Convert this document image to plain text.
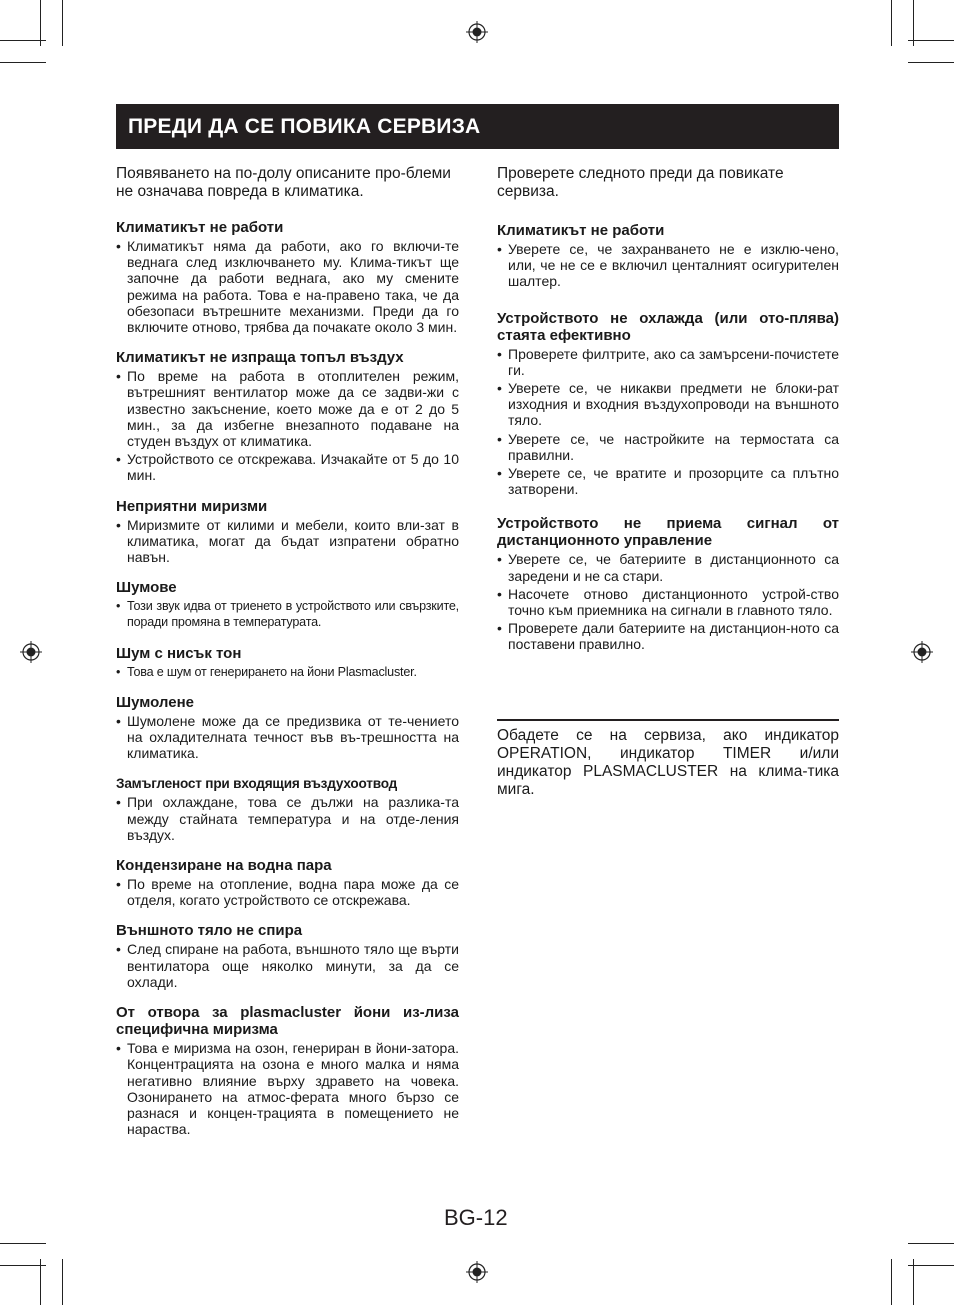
ПРЕДИ ДА СЕ ПОВИКА СЕРВИЗА

Появяването на по-долу описаните про-блеми не означава повреда в климатика.

Климатикът не работи
• Климатикът няма да работи, ако го включи-те веднага след изключването му. Клима-тикът ще започне да работи веднага, ако му смените режима на работа. Това е на-правено така, че да обезопаси вътрешните механизми. Преди да го включите отново, трябва да почакате около 3 мин.
Климатикът не изпраща топъл въздух
• По време на работа в отоплителен режим, вътрешният вентилатор може да се задви-жи с известно закъснение, което може да е от 2 до 5 мин., за да избегне внезапното подаване на студен въздух от климатика.
• Устройството се отскрежава. Изчакайте от 5 до 10 мин.
Неприятни миризми
• Миризмите от килими и мебели, които вли-зат в климатика, могат да бъдат изпратени обратно навън.
Шумове
• Този звук идва от триенето в устройството или свързките, поради промяна в температурата.
Шум с нисък тон
• Това е шум от генерирането на йони Plasmacluster.
Шумолене
• Шумолене може да се предизвика от те-чението на охладителната течност във въ-трешността на климатика.
Замъгленост при входящия въздухоотвод
• При охлаждане, това се дължи на разлика-та между стайната температура и на отде-ления въздух.
Кондензиране на водна пара
• По време на отопление, водна пара може да се отделя, когато устройството се отскрежава.
Външното тяло не спира
• След спиране на работа, външното тяло ще върти вентилатора още няколко минути, за да се охлади.
От отвора за plasmacluster йони из-лиза специфична миризма
• Това е миризма на озон, генериран в йони-затора. Концентрацията на озона е много малка и няма негативно влияние върху здравето на човека. Озонирането на атмос-ферата много бързо се разнася и концен-трацията в помещението не нараства.

Проверете следното преди да повикате сервиза.

Климатикът не работи
• Уверете се, че захранването не е изклю-чено, или, че не се е включил центалният осигурителен шалтер.
Устройството не охлажда (или ото-плява) стаята ефективно
• Проверете филтрите, ако са замърсени-почистете ги.
• Уверете се, че никакви предмети не блоки-рат изходния и входния въздухопроводи на външното тяло.
• Уверете се, че настройките на термостата са правилни.
• Уверете се, че вратите и прозорците са плътно затворени.
Устройството не приема сигнал от дистанционното управление
• Уверете се, че батериите в дистанционното са заредени и не са стари.
• Насочете отново дистанционното устрой-ство точно към приемника на сигнали в главното тяло.
• Проверете дали батериите на дистанцион-ното са поставени правилно.
Обадете се на сервиза, ако индикатор OPERATION, индикатор TIMER и/или индикатор PLASMACLUSTER на клима-тика мига.
BG-12
